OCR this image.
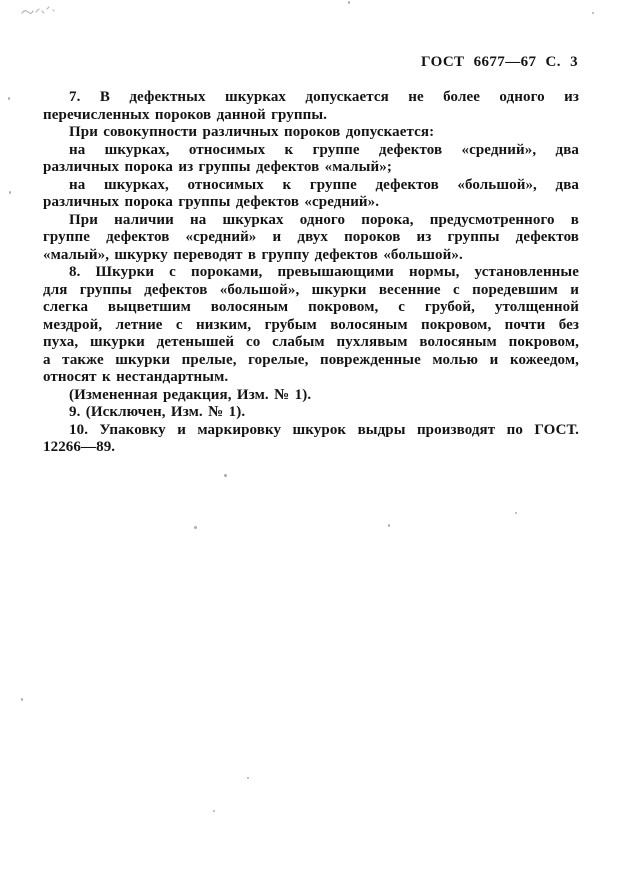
ГОСТ 6677—67 С. 3
7. В дефектных шкурках допускается не более одного из
перечисленных пороков данной группы.
При совокупности различных пороков допускается:
на шкурках, относимых к группе дефектов «средний», два
различных порока из группы дефектов «малый»;
на шкурках, относимых к группе дефектов «большой», два
различных порока группы дефектов «средний».
При наличии на шкурках одного порока, предусмотренного в
группе дефектов «средний» и двух пороков из группы дефектов
«малый», шкурку переводят в группу дефектов «большой».
8. Шкурки с пороками, превышающими нормы, установленные
для группы дефектов «большой», шкурки весенние с поредевшим и
слегка выцветшим волосяным покровом, с грубой, утолщенной
мездрой, летние с низким, грубым волосяным покровом, почти без
пуха, шкурки детенышей со слабым пухлявым волосяным покровом,
а также шкурки прелые, горелые, поврежденные молью и кожеедом,
относят к нестандартным.
(Измененная редакция, Изм. № 1).
9. (Исключен, Изм. № 1).
10. Упаковку и маркировку шкурок выдры производят по ГОСТ.
12266—89.
